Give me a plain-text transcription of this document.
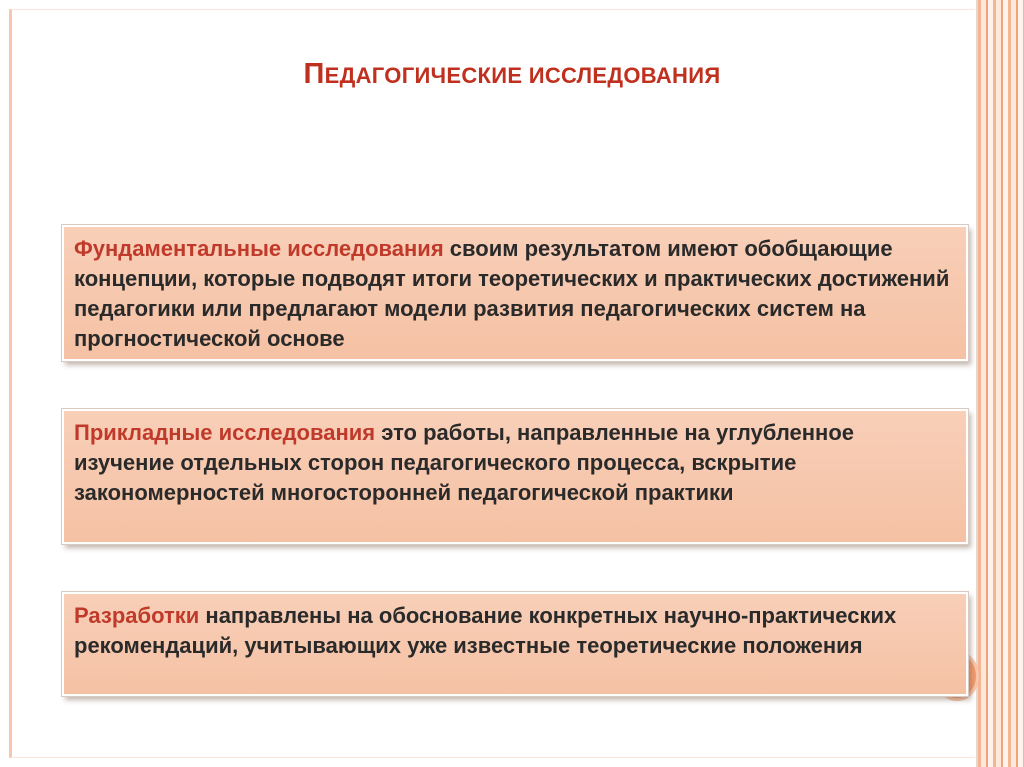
ПЕДАГОГИЧЕСКИЕ ИССЛЕДОВАНИЯ
Фундаментальные исследования своим результатом имеют обобщающие концепции, которые подводят итоги теоретических и практических достижений педагогики или предлагают модели развития педагогических систем на прогностической основе
Прикладные исследования это работы, направленные на углубленное изучение отдельных сторон педагогического процесса, вскрытие закономерностей многосторонней педагогической практики
Разработки направлены на обоснование конкретных научно-практических рекомендаций, учитывающих уже известные теоретические положения
